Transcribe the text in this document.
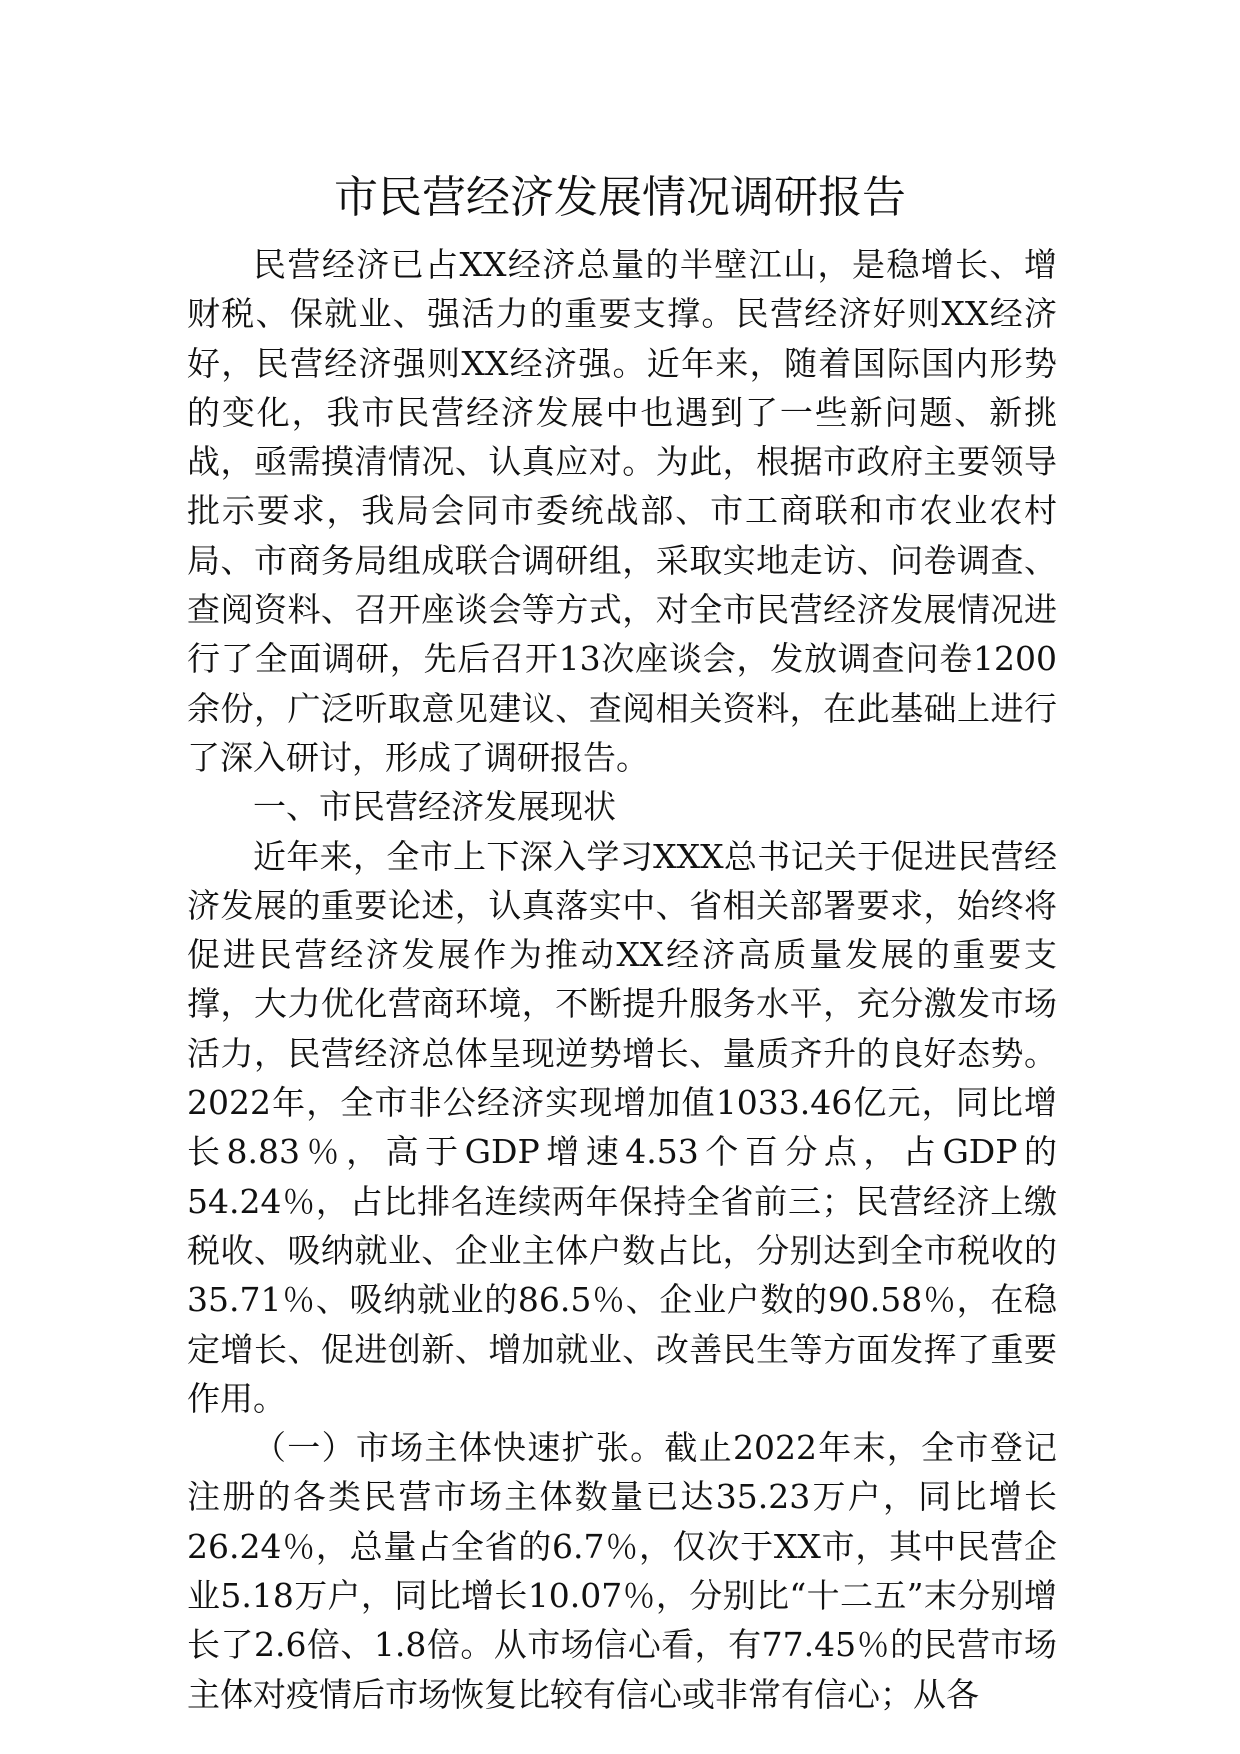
市民营经济发展情况调研报告

民营经济已占XX经济总量的半壁江山，是稳增长、增财税、保就业、强活力的重要支撑。民营经济好则XX经济好，民营经济强则XX经济强。近年来，随着国际国内形势的变化，我市民营经济发展中也遇到了一些新问题、新挑战，亟需摸清情况、认真应对。为此，根据市政府主要领导批示要求，我局会同市委统战部、市工商联和市农业农村局、市商务局组成联合调研组，采取实地走访、问卷调查、查阅资料、召开座谈会等方式，对全市民营经济发展情况进行了全面调研，先后召开13次座谈会，发放调查问卷1200余份，广泛听取意见建议、查阅相关资料，在此基础上进行了深入研讨，形成了调研报告。

一、市民营经济发展现状

近年来，全市上下深入学习XXX总书记关于促进民营经济发展的重要论述，认真落实中、省相关部署要求，始终将促进民营经济发展作为推动XX经济高质量发展的重要支撑，大力优化营商环境，不断提升服务水平，充分激发市场活力，民营经济总体呈现逆势增长、量质齐升的良好态势。2022年，全市非公经济实现增加值1033.46亿元，同比增长8.83％，高于GDP增速4.53个百分点，占GDP的54.24％，占比排名连续两年保持全省前三；民营经济上缴税收、吸纳就业、企业主体户数占比，分别达到全市税收的35.71％、吸纳就业的86.5％、企业户数的90.58％，在稳定增长、促进创新、增加就业、改善民生等方面发挥了重要作用。

（一）市场主体快速扩张。截止2022年末，全市登记注册的各类民营市场主体数量已达35.23万户，同比增长26.24％，总量占全省的6.7％，仅次于XX市，其中民营企业5.18万户，同比增长10.07％，分别比“十二五”末分别增长了2.6倍、1.8倍。从市场信心看，有77.45％的民营市场主体对疫情后市场恢复比较有信心或非常有信心；从各
